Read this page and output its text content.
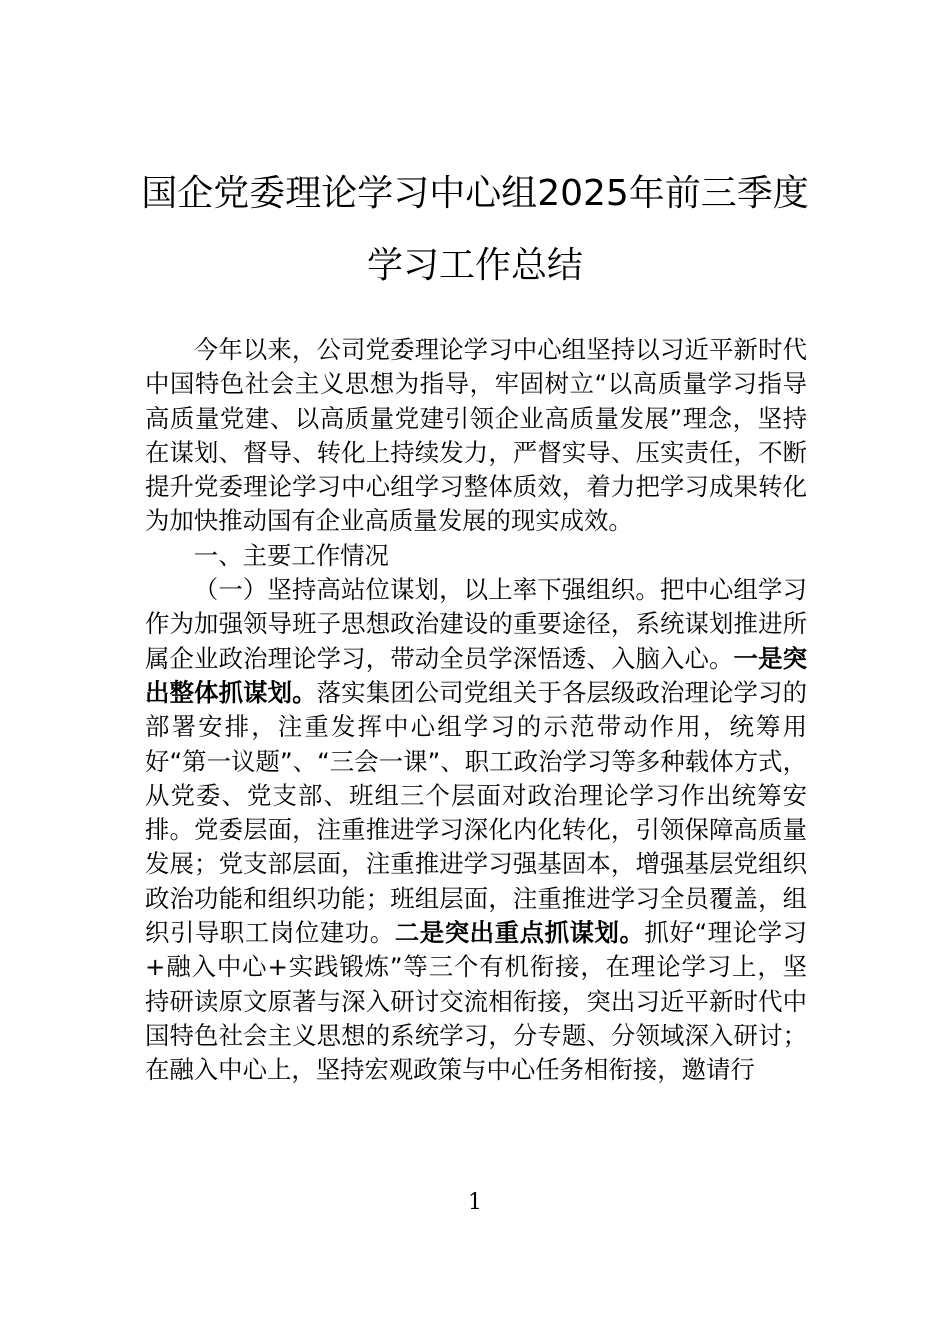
国企党委理论学习中心组2025年前三季度
学习工作总结

今年以来，公司党委理论学习中心组坚持以习近平新时代中国特色社会主义思想为指导，牢固树立“以高质量学习指导高质量党建、以高质量党建引领企业高质量发展”理念，坚持在谋划、督导、转化上持续发力，严督实导、压实责任，不断提升党委理论学习中心组学习整体质效，着力把学习成果转化为加快推动国有企业高质量发展的现实成效。

一、主要工作情况

（一）坚持高站位谋划，以上率下强组织。把中心组学习作为加强领导班子思想政治建设的重要途径，系统谋划推进所属企业政治理论学习，带动全员学深悟透、入脑入心。一是突出整体抓谋划。落实集团公司党组关于各层级政治理论学习的部署安排，注重发挥中心组学习的示范带动作用，统筹用好“第一议题”、“三会一课”、职工政治学习等多种载体方式，从党委、党支部、班组三个层面对政治理论学习作出统筹安排。党委层面，注重推进学习深化内化转化，引领保障高质量发展；党支部层面，注重推进学习强基固本，增强基层党组织政治功能和组织功能；班组层面，注重推进学习全员覆盖，组织引导职工岗位建功。二是突出重点抓谋划。抓好“理论学习+融入中心+实践锻炼”等三个有机衔接，在理论学习上，坚持研读原文原著与深入研讨交流相衔接，突出习近平新时代中国特色社会主义思想的系统学习，分专题、分领域深入研讨；在融入中心上，坚持宏观政策与中心任务相衔接，邀请行

1
